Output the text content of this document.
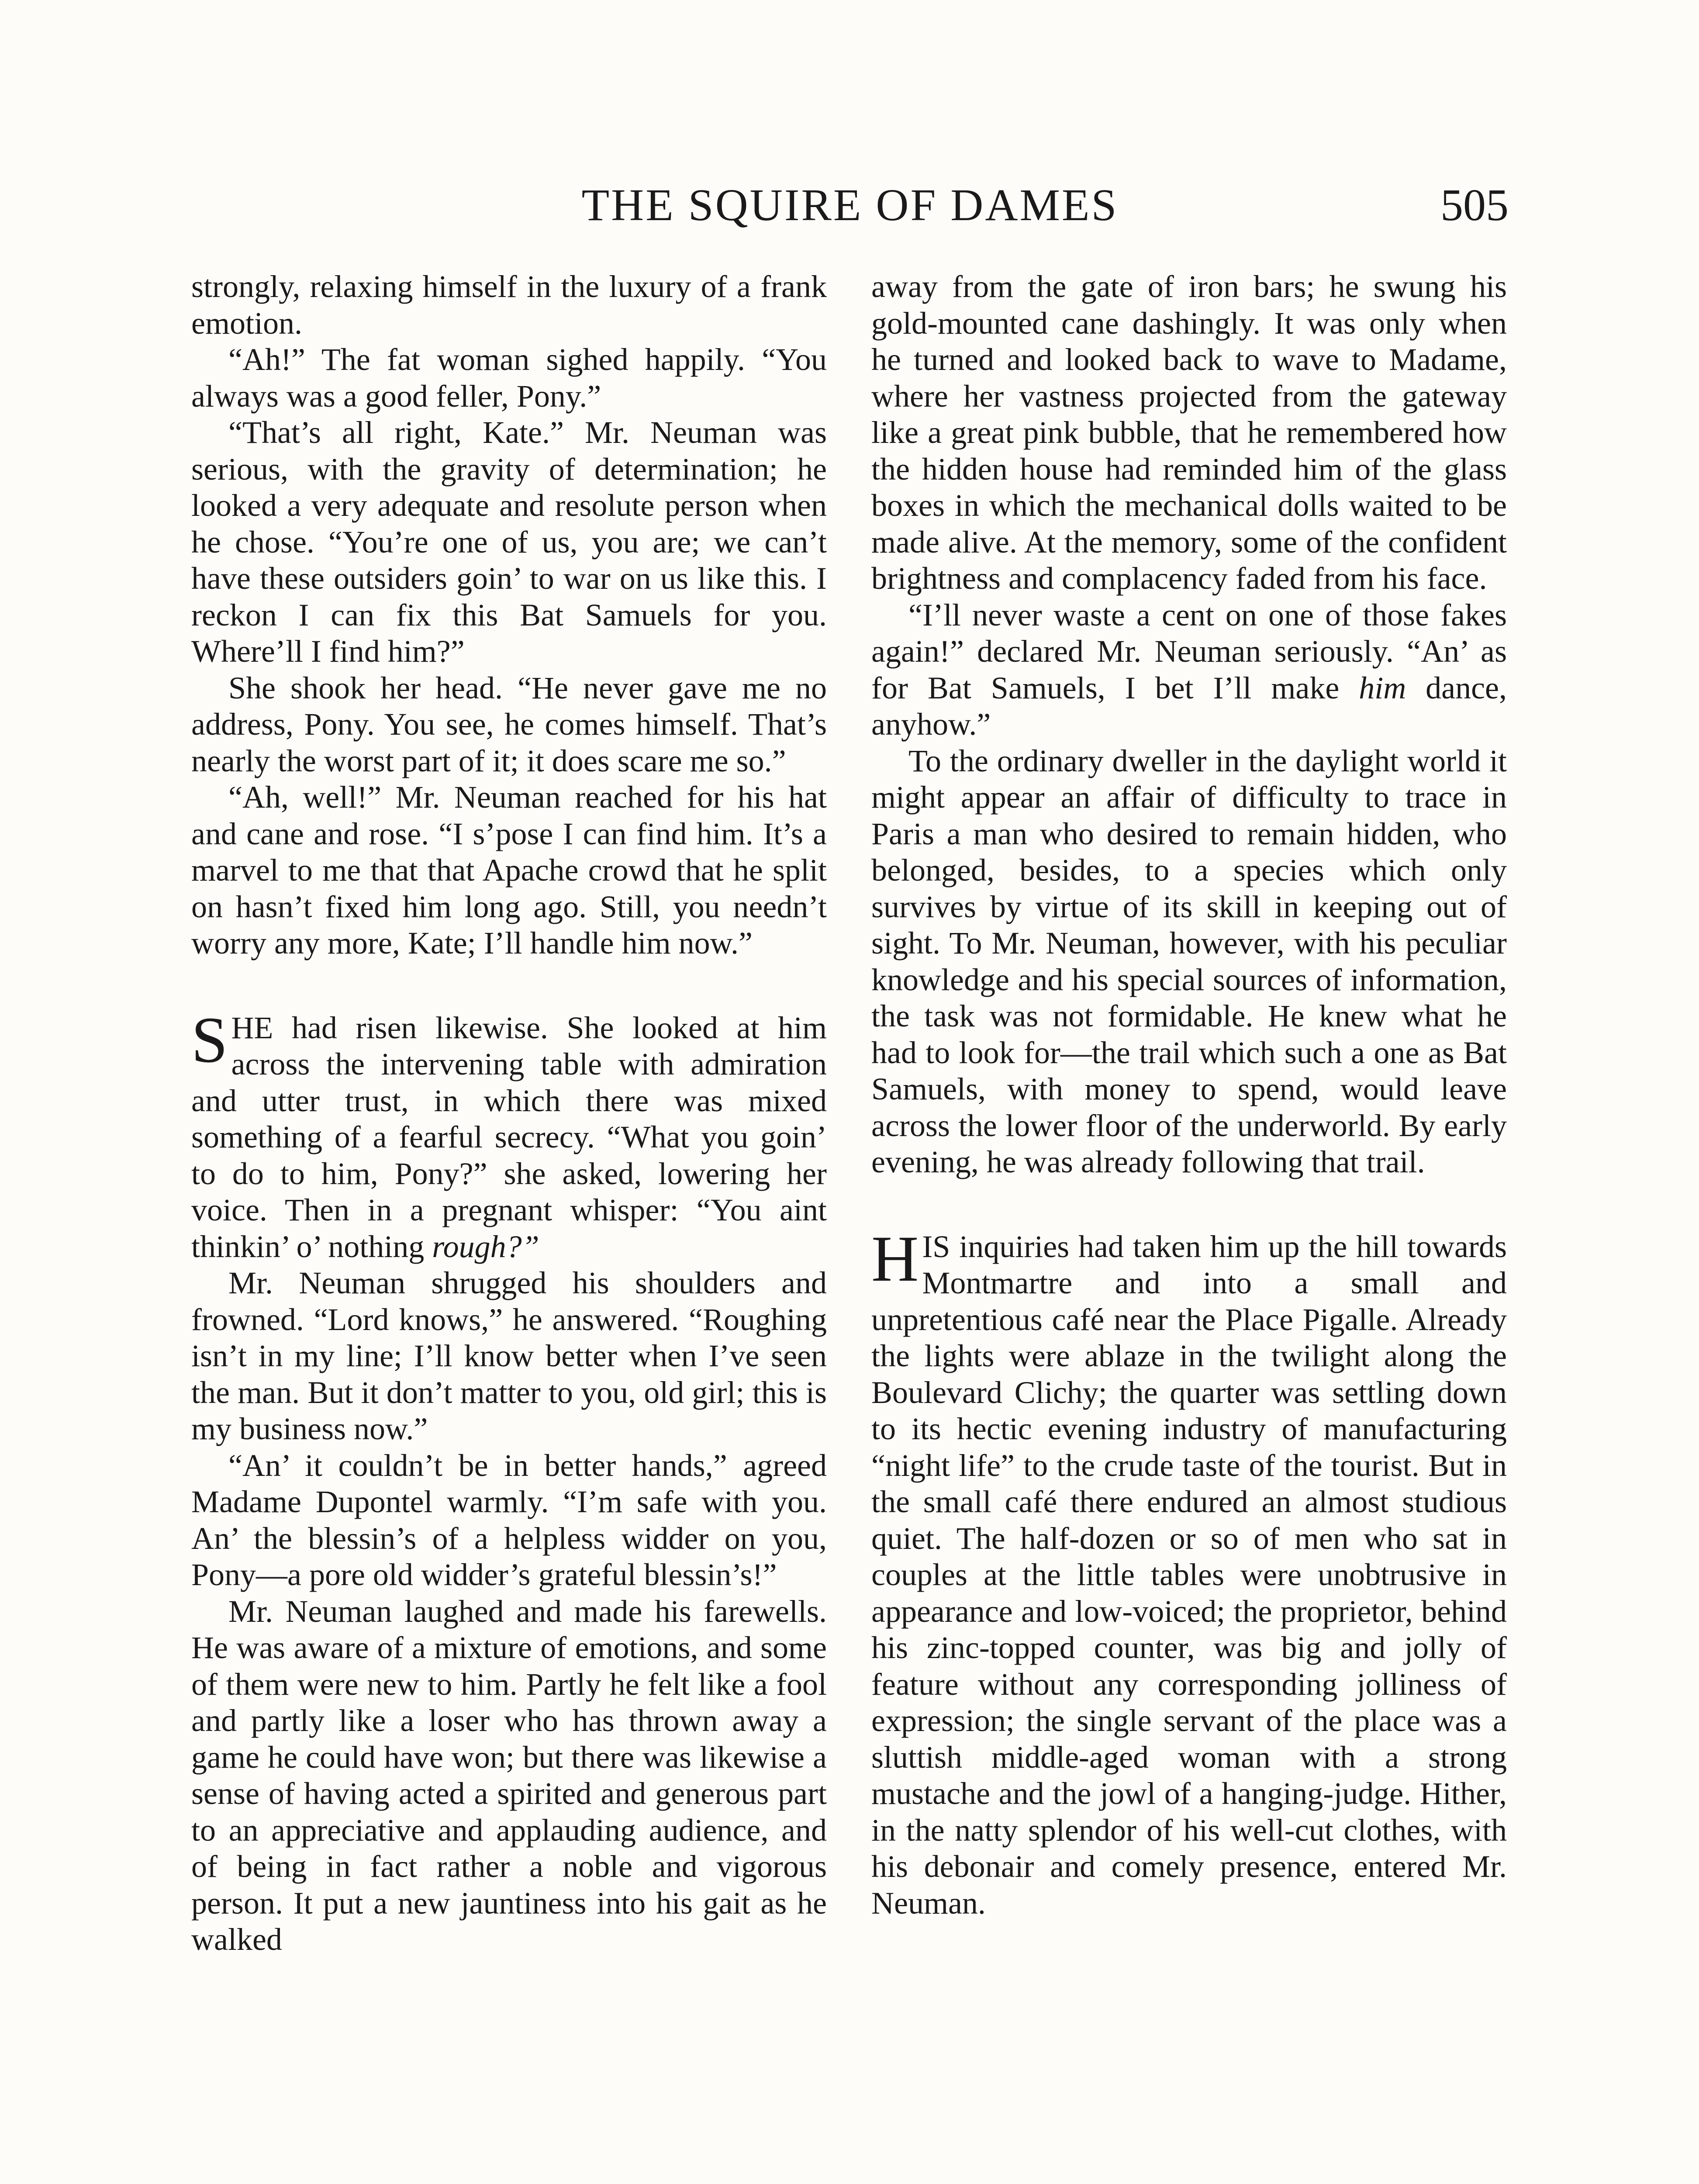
THE SQUIRE OF DAMES	505

strongly, relaxing himself in the luxury of a frank emotion.

“Ah!” The fat woman sighed happily. “You always was a good feller, Pony.”

“That’s all right, Kate.” Mr. Neuman was serious, with the gravity of determination; he looked a very adequate and resolute person when he chose. “You’re one of us, you are; we can’t have these outsiders goin’ to war on us like this. I reckon I can fix this Bat Samuels for you. Where’ll I find him?”

She shook her head. “He never gave me no address, Pony. You see, he comes himself. That’s nearly the worst part of it; it does scare me so.”

“Ah, well!” Mr. Neuman reached for his hat and cane and rose. “I s’pose I can find him. It’s a marvel to me that that Apache crowd that he split on hasn’t fixed him long ago. Still, you needn’t worry any more, Kate; I’ll handle him now.”

SHE had risen likewise. She looked at him across the intervening table with admiration and utter trust, in which there was mixed something of a fearful secrecy. “What you goin’ to do to him, Pony?” she asked, lowering her voice. Then in a pregnant whisper: “You aint thinkin’ o’ nothing rough?”

Mr. Neuman shrugged his shoulders and frowned. “Lord knows,” he answered. “Roughing isn’t in my line; I’ll know better when I’ve seen the man. But it don’t matter to you, old girl; this is my business now.”

“An’ it couldn’t be in better hands,” agreed Madame Dupontel warmly. “I’m safe with you. An’ the blessin’s of a helpless widder on you, Pony—a pore old widder’s grateful blessin’s!”

Mr. Neuman laughed and made his farewells. He was aware of a mixture of emotions, and some of them were new to him. Partly he felt like a fool and partly like a loser who has thrown away a game he could have won; but there was likewise a sense of having acted a spirited and generous part to an appreciative and applauding audience, and of being in fact rather a noble and vigorous person. It put a new jauntiness into his gait as he walked

away from the gate of iron bars; he swung his gold-mounted cane dashingly. It was only when he turned and looked back to wave to Madame, where her vastness projected from the gateway like a great pink bubble, that he remembered how the hidden house had reminded him of the glass boxes in which the mechanical dolls waited to be made alive. At the memory, some of the confident brightness and complacency faded from his face.

“I’ll never waste a cent on one of those fakes again!” declared Mr. Neuman seriously. “An’ as for Bat Samuels, I bet I’ll make him dance, anyhow.”

To the ordinary dweller in the daylight world it might appear an affair of difficulty to trace in Paris a man who desired to remain hidden, who belonged, besides, to a species which only survives by virtue of its skill in keeping out of sight. To Mr. Neuman, however, with his peculiar knowledge and his special sources of information, the task was not formidable. He knew what he had to look for—the trail which such a one as Bat Samuels, with money to spend, would leave across the lower floor of the underworld. By early evening, he was already following that trail.

HIS inquiries had taken him up the hill towards Montmartre and into a small and unpretentious café near the Place Pigalle. Already the lights were ablaze in the twilight along the Boulevard Clichy; the quarter was settling down to its hectic evening industry of manufacturing “night life” to the crude taste of the tourist. But in the small café there endured an almost studious quiet. The half-dozen or so of men who sat in couples at the little tables were unobtrusive in appearance and low-voiced; the proprietor, behind his zinc-topped counter, was big and jolly of feature without any corresponding jolliness of expression; the single servant of the place was a sluttish middle-aged woman with a strong mustache and the jowl of a hanging-judge. Hither, in the natty splendor of his well-cut clothes, with his debonair and comely presence, entered Mr. Neuman.
